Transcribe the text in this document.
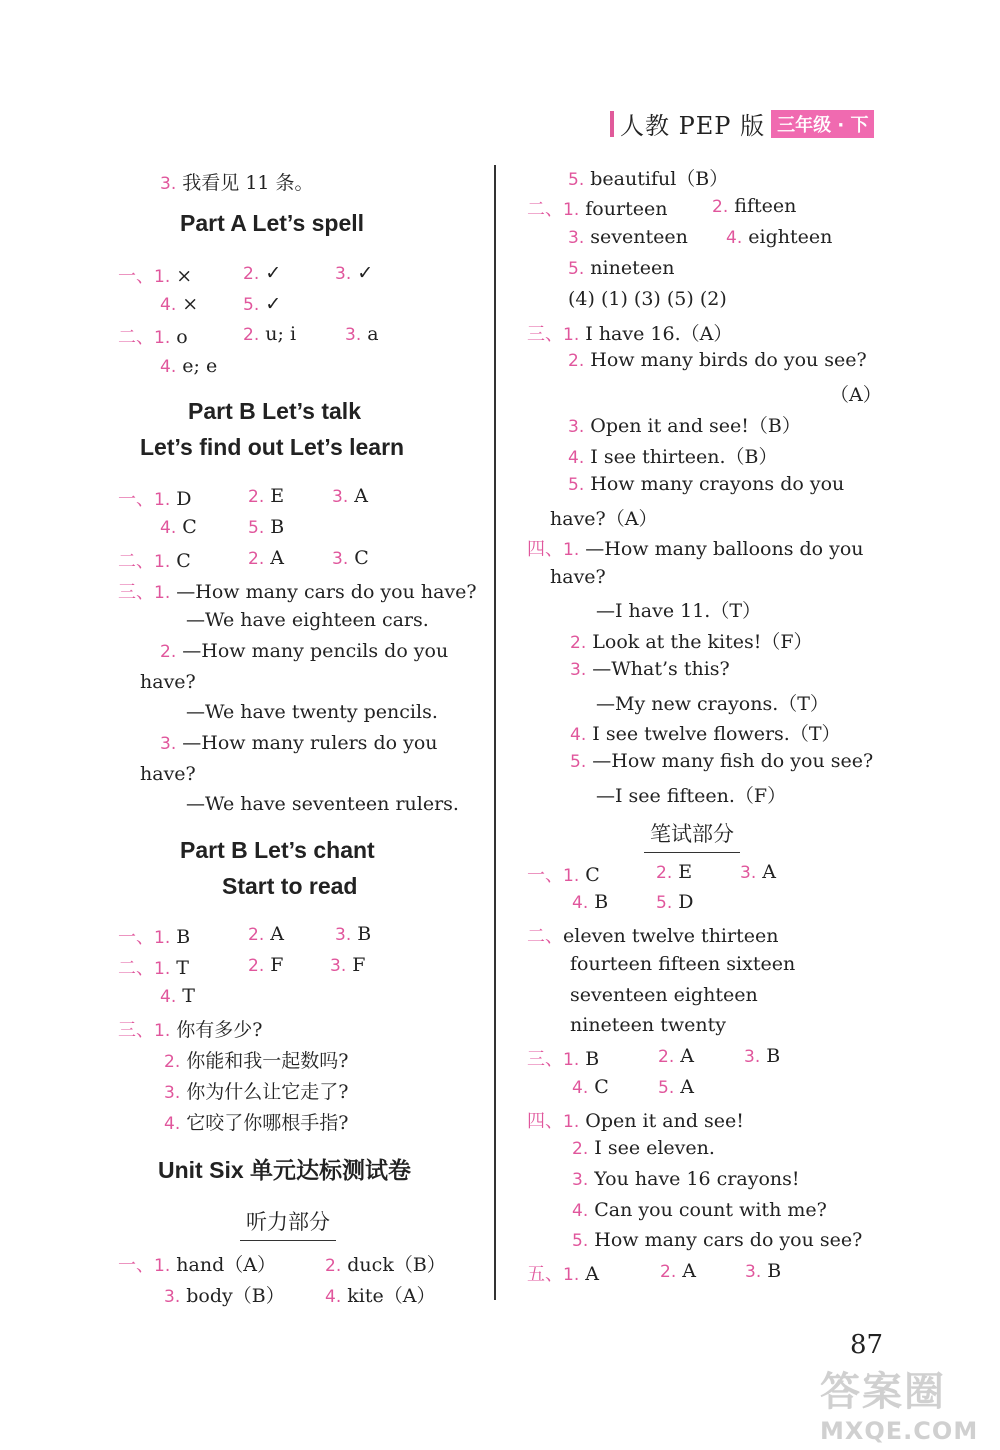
人教 PEP 版 三年级 · 下
3. 我看见 11 条。
Part A Let’s spell
一、1. ×	2. ✓	3. ✓
4. ×	5. ✓
二、1. o	2. u; i	3. a
4. e; e
Part B Let’s talk
Let’s find out Let’s learn
一、1. D	2. E	3. A
4. C	5. B
二、1. C	2. A	3. C
三、1. —How many cars do you have?
—We have eighteen cars.
2. —How many pencils do you
have?
—We have twenty pencils.
3. —How many rulers do you
have?
—We have seventeen rulers.
Part B Let’s chant
Start to read
一、1. B	2. A	3. B
二、1. T	2. F	3. F
4. T
三、1. 你有多少?
2. 你能和我一起数吗?
3. 你为什么让它走了?
4. 它咬了你哪根手指?
Unit Six 单元达标测试卷
听力部分
一、1. hand（A）	2. duck（B）
3. body（B） 4. kite（A）
5. beautiful（B）
二、1. fourteen	2. fifteen
3. seventeen 4. eighteen
5. nineteen
(4) (1) (3) (5) (2)
三、1. I have 16.（A）
2. How many birds do you see?
（A）
3. Open it and see!（B）
4. I see thirteen.（B）
5. How many crayons do you
have?（A）
四、1. —How many balloons do you
have?
—I have 11.（T）
2. Look at the kites!（F）
3. —What’s this?
—My new crayons.（T）
4. I see twelve flowers.（T）
5. —How many fish do you see?
—I see fifteen.（F）
笔试部分
一、1. C	2. E	3. A
4. B	5. D
二、eleven twelve thirteen
fourteen fifteen sixteen
seventeen eighteen
nineteen twenty
三、1. B	2. A	3. B
4. C	5. A
四、1. Open it and see!
2. I see eleven.
3. You have 16 crayons!
4. Can you count with me?
5. How many cars do you see?
五、1. A	2. A	3. B
87
答案圈
MXQE.COM
